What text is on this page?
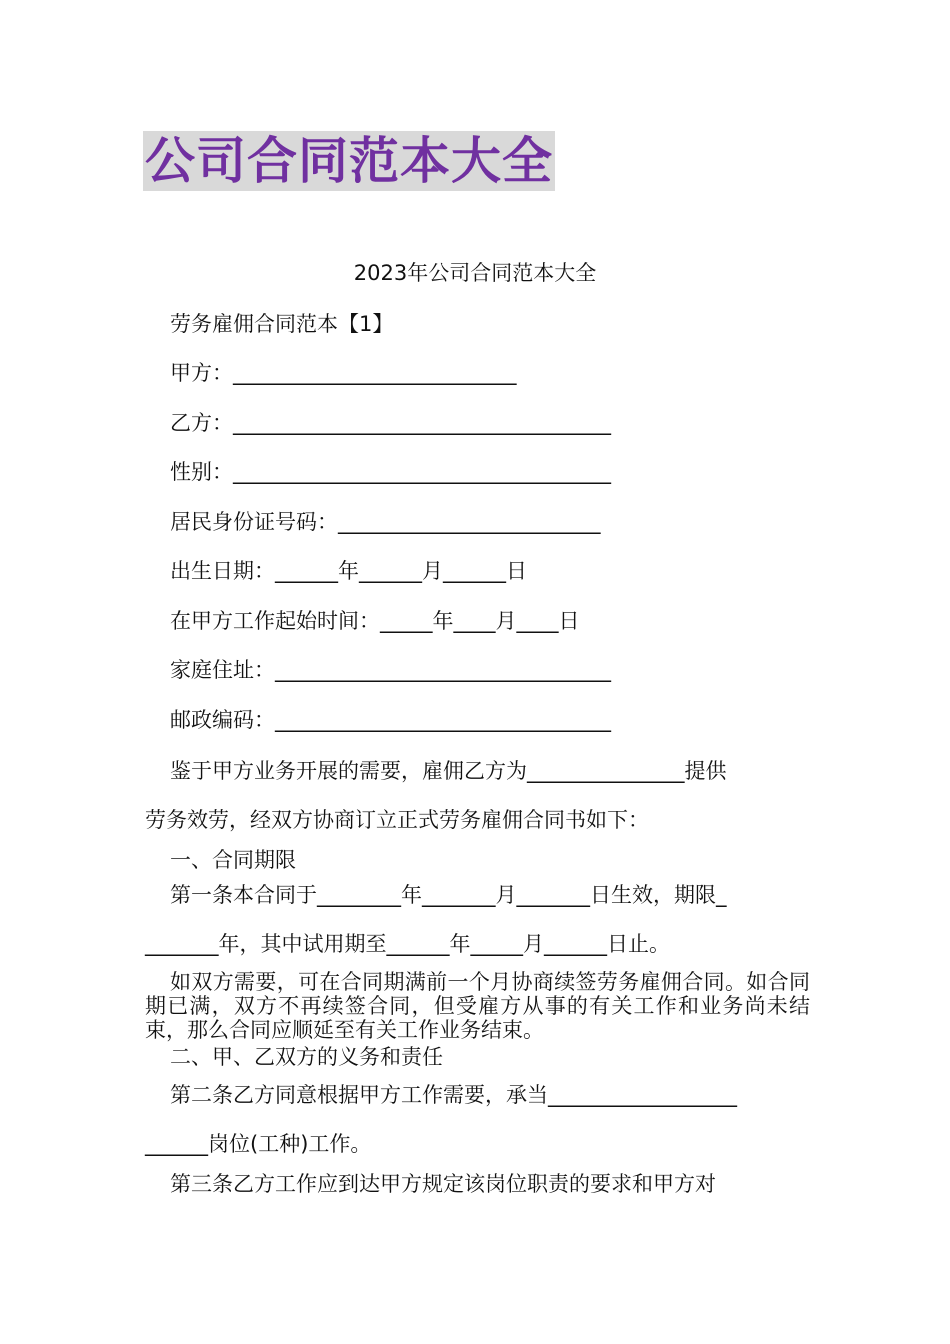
公司合同范本大全
2023年公司合同范本大全
劳务雇佣合同范本【1】
甲方：___________________________
乙方：____________________________________
性别：____________________________________
居民身份证号码：_________________________
出生日期：______年______月______日
在甲方工作起始时间：_____年____月____日
家庭住址：________________________________
邮政编码：________________________________
鉴于甲方业务开展的需要，雇佣乙方为_______________提供
劳务效劳，经双方协商订立正式劳务雇佣合同书如下：
一、合同期限
第一条本合同于________年_______月_______日生效，期限_
_______年，其中试用期至______年_____月______日止。
如双方需要，可在合同期满前一个月协商续签劳务雇佣合同。如合同期已满，双方不再续签合同，但受雇方从事的有关工作和业务尚未结束，那么合同应顺延至有关工作业务结束。
二、甲、乙双方的义务和责任
第二条乙方同意根据甲方工作需要，承当__________________
______岗位(工种)工作。
第三条乙方工作应到达甲方规定该岗位职责的要求和甲方对
